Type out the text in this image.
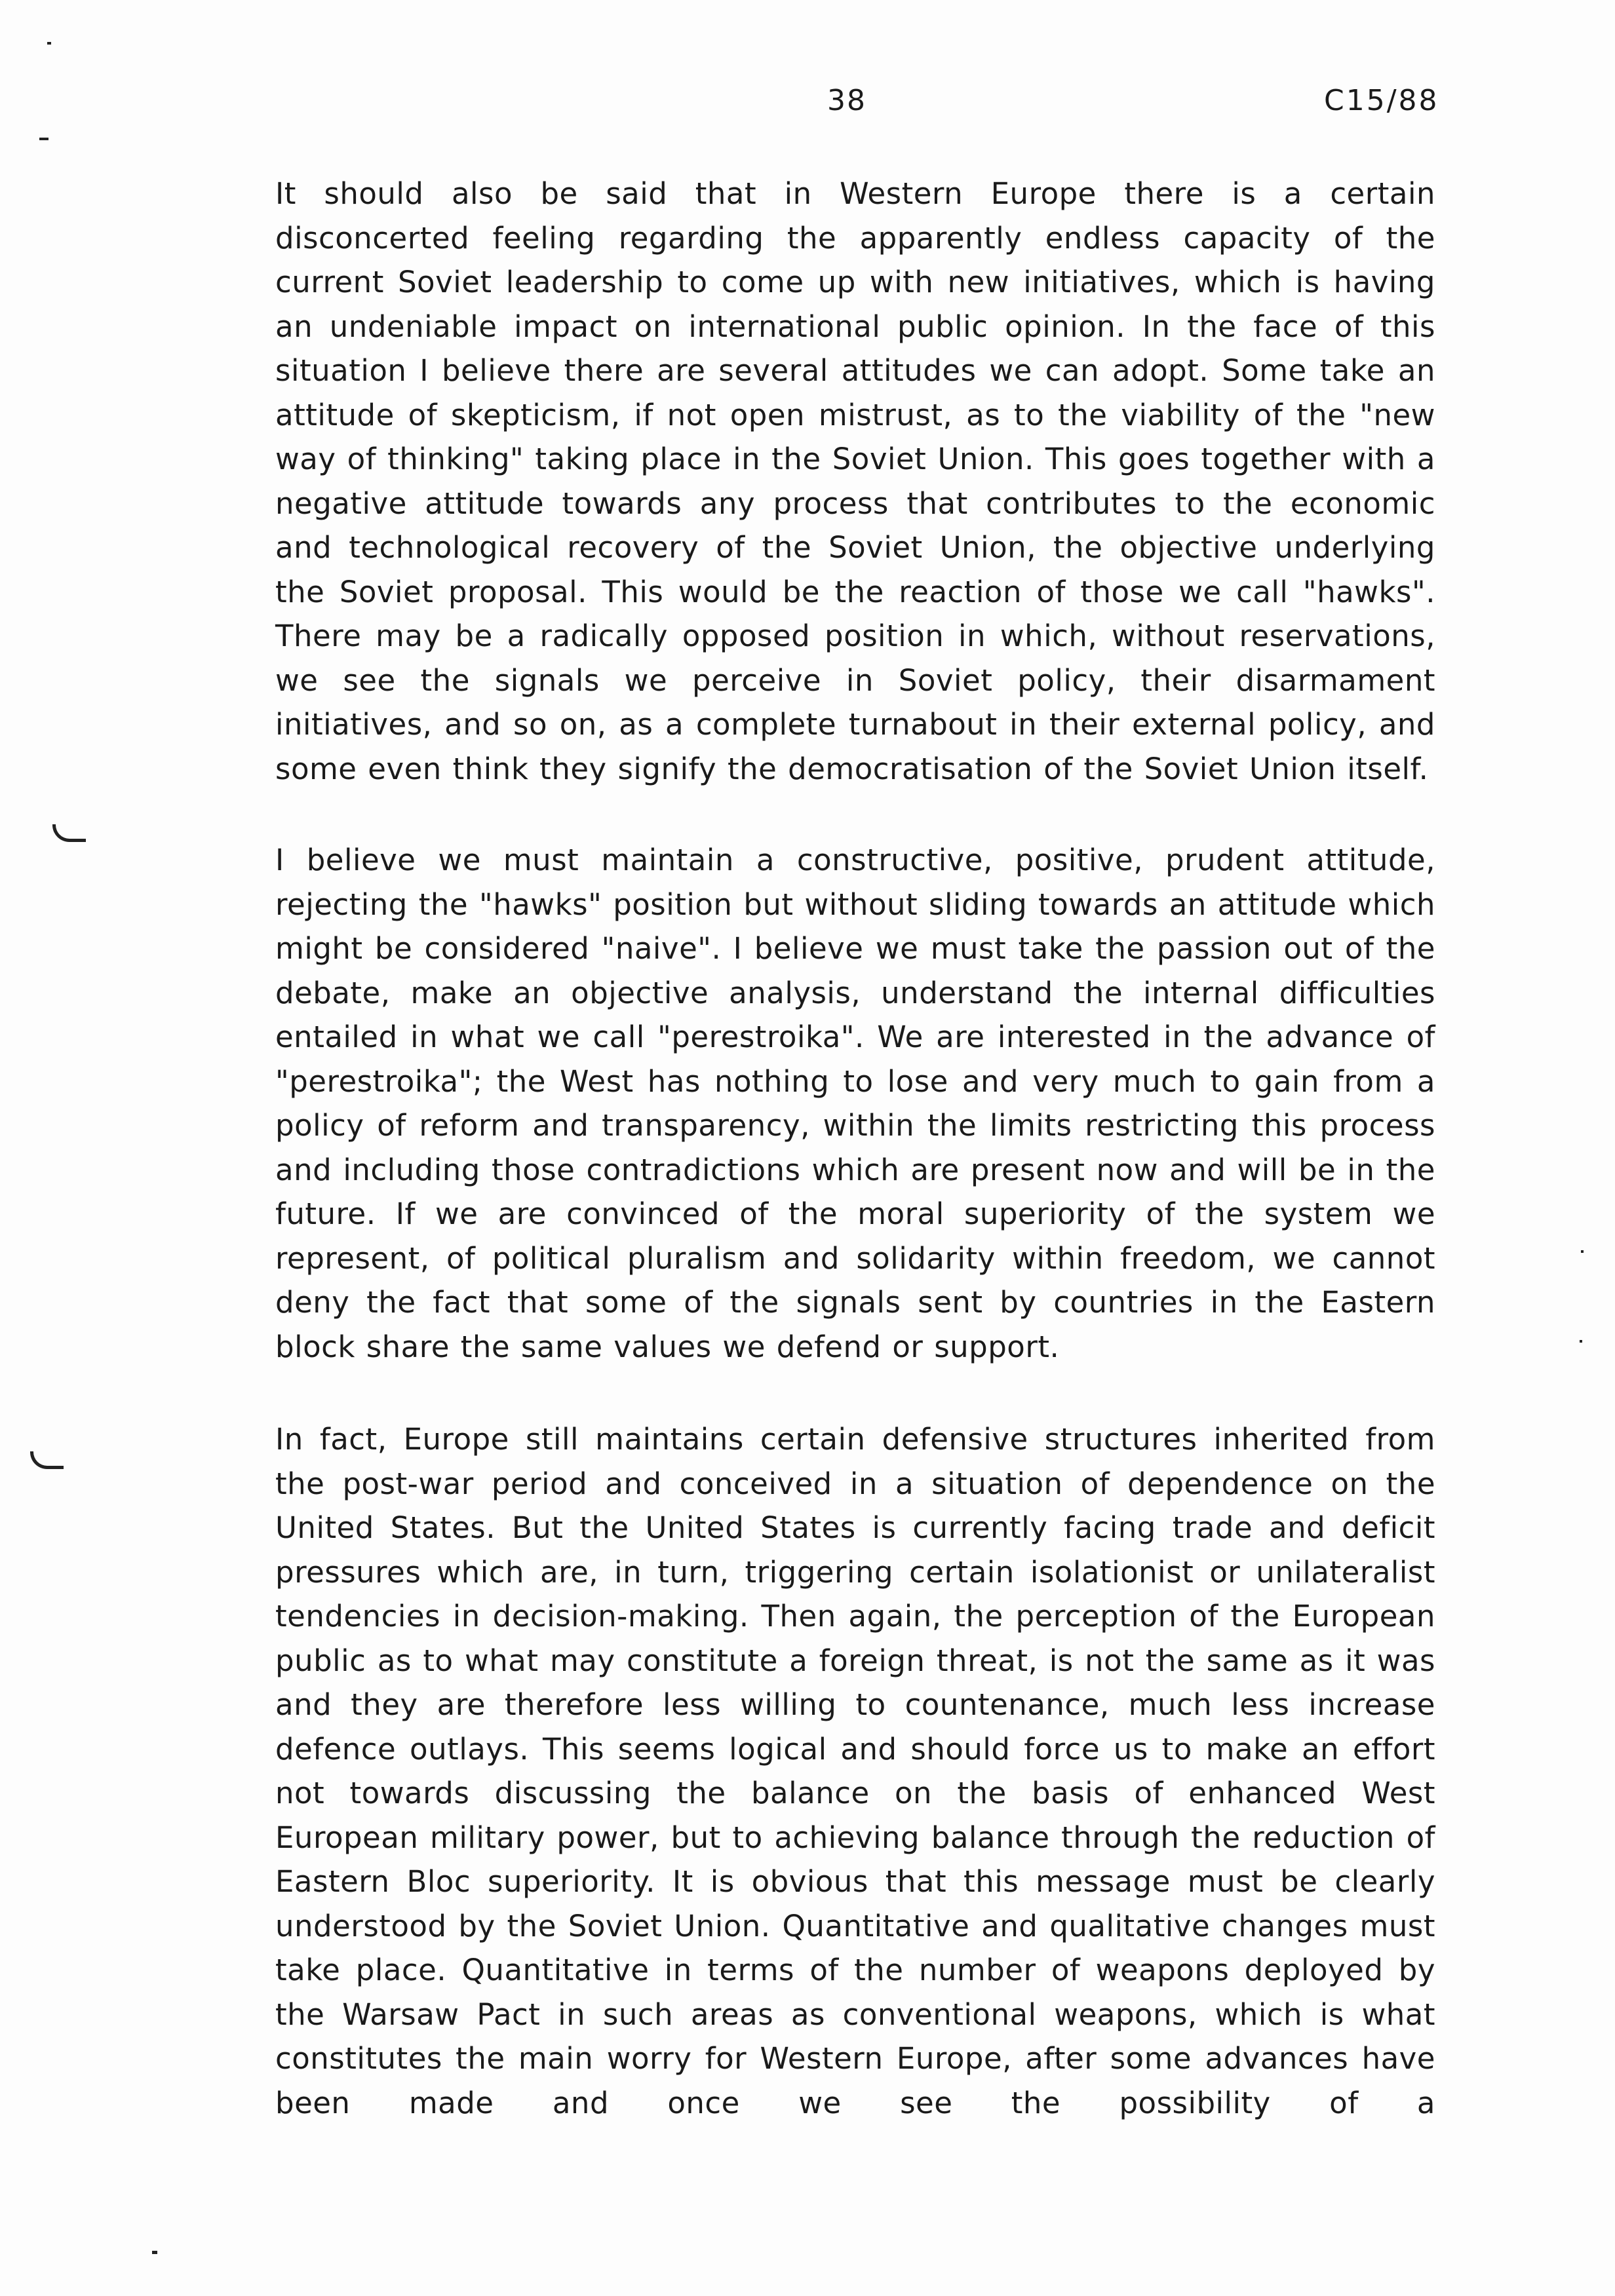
38	C15/88

It should also be said that in Western Europe there is a certain disconcerted feeling regarding the apparently endless capacity of the current Soviet leadership to come up with new initiatives, which is having an undeniable impact on international public opinion. In the face of this situation I believe there are several attitudes we can adopt. Some take an attitude of skepticism, if not open mistrust, as to the viability of the "new way of thinking" taking place in the Soviet Union. This goes together with a negative attitude towards any process that contributes to the economic and technological recovery of the Soviet Union, the objective underlying the Soviet proposal. This would be the reaction of those we call "hawks". There may be a radically opposed position in which, without reservations, we see the signals we perceive in Soviet policy, their disarmament initiatives, and so on, as a complete turnabout in their external policy, and some even think they signify the democratisation of the Soviet Union itself.

I believe we must maintain a constructive, positive, prudent attitude, rejecting the "hawks" position but without sliding towards an attitude which might be considered "naive". I believe we must take the passion out of the debate, make an objective analysis, understand the internal difficulties entailed in what we call "perestroika". We are interested in the advance of "perestroika"; the West has nothing to lose and very much to gain from a policy of reform and transparency, within the limits restricting this process and including those contradictions which are present now and will be in the future. If we are convinced of the moral superiority of the system we represent, of political pluralism and solidarity within freedom, we cannot deny the fact that some of the signals sent by countries in the Eastern block share the same values we defend or support.

In fact, Europe still maintains certain defensive structures inherited from the post-war period and conceived in a situation of dependence on the United States. But the United States is currently facing trade and deficit pressures which are, in turn, triggering certain isolationist or unilateralist tendencies in decision-making. Then again, the perception of the European public as to what may constitute a foreign threat, is not the same as it was and they are therefore less willing to countenance, much less increase defence outlays. This seems logical and should force us to make an effort not towards discussing the balance on the basis of enhanced West European military power, but to achieving balance through the reduction of Eastern Bloc superiority. It is obvious that this message must be clearly understood by the Soviet Union. Quantitative and qualitative changes must take place. Quantitative in terms of the number of weapons deployed by the Warsaw Pact in such areas as conventional weapons, which is what constitutes the main worry for Western Europe, after some advances have been made and once we see the possibility of a
